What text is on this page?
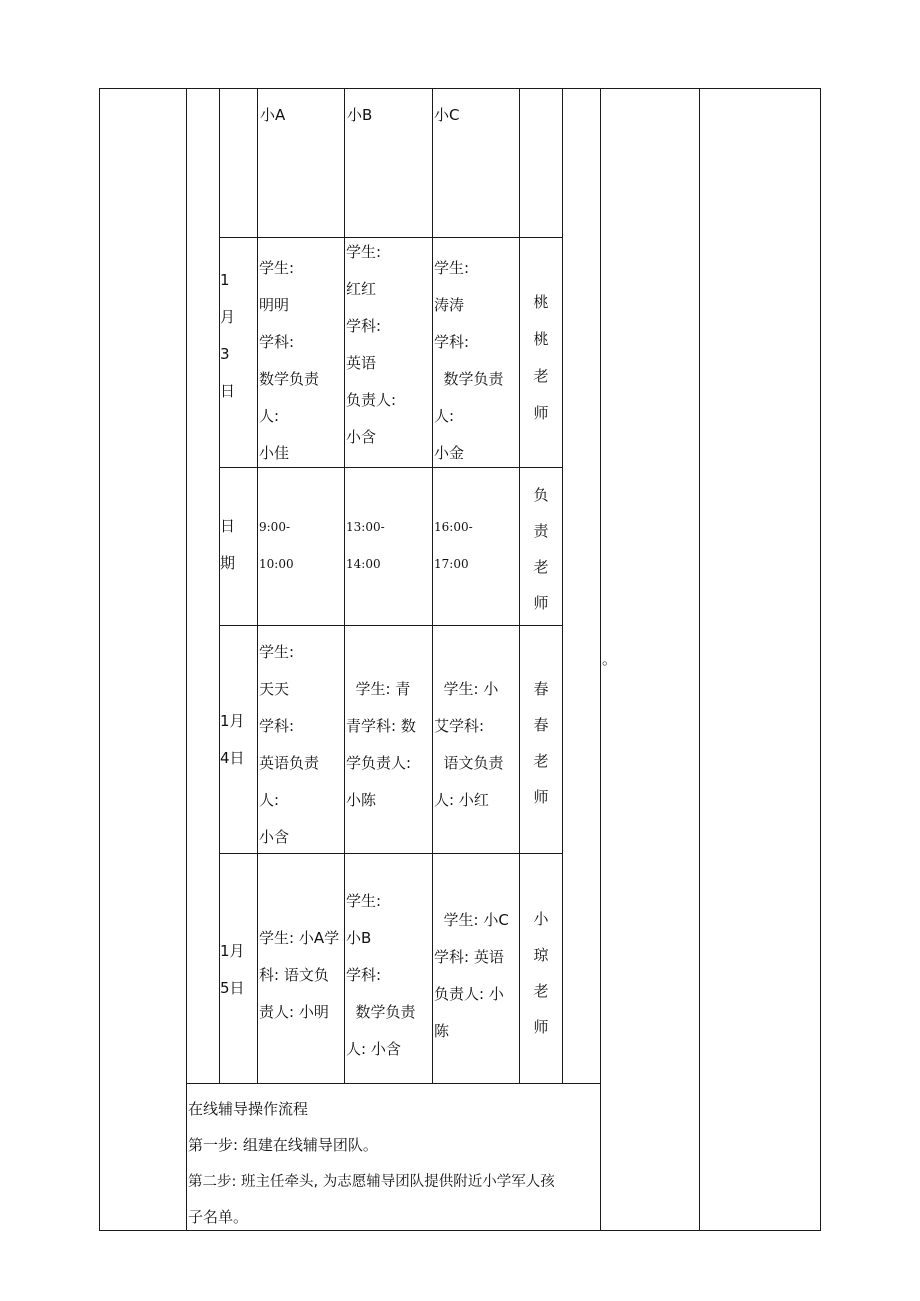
小A	小B	小C
1
月
3
日
学生:
明明
学科:
数学负责
人:
小佳
学生:
红红
学科:
英语
负责人:
小含
学生:
涛涛
学科:
数学负责
人:
小金
桃
桃
老
师
日
期
9:00-
10:00
13:00-
14:00
16:00-
17:00
负
责
老
师
1月
4日
学生:
天天
学科:
英语负责
人:
小含
学生: 青
青学科: 数
学负责人:
小陈
学生: 小
艾学科:
语文负责
人: 小红
春
春
老
师
1月
5日
学生: 小A学
科: 语文负
责人: 小明
学生:
小B
学科:
数学负责
人: 小含
学生: 小C
学科: 英语
负责人: 小
陈
小
琼
老
师
。
在线辅导操作流程
第一步: 组建在线辅导团队。
第二步: 班主任牵头, 为志愿辅导团队提供附近小学军人孩
子名单。
